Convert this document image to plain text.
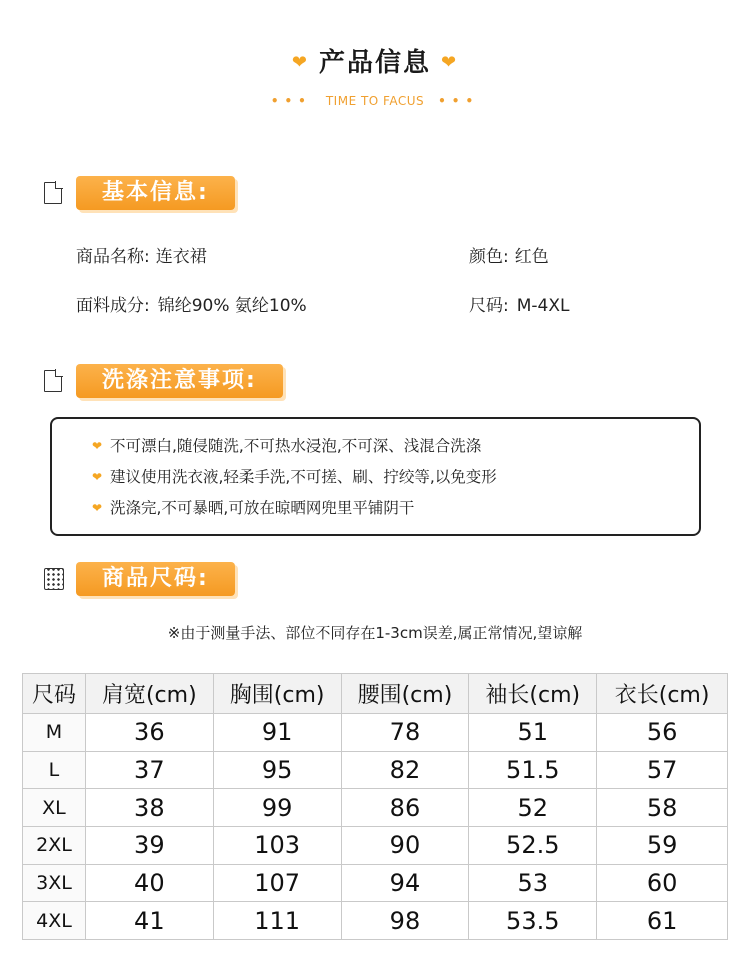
❤ 产品信息 ❤
••• TIME TO FACUS •••
基本信息:
商品名称: 连衣裙	颜色: 红色
面料成分: 锦纶90% 氨纶10%	尺码: M-4XL
洗涤注意事项:
❤ 不可漂白,随侵随洗,不可热水浸泡,不可深、浅混合洗涤
❤ 建议使用洗衣液,轻柔手洗,不可搓、刷、拧绞等,以免变形
❤ 洗涤完,不可暴晒,可放在晾晒网兜里平铺阴干
商品尺码:
※由于测量手法、部位不同存在1-3cm误差,属正常情况,望谅解
尺码	肩宽(cm)	胸围(cm)	腰围(cm)	袖长(cm)	衣长(cm)
M	36	91	78	51	56
L	37	95	82	51.5	57
XL	38	99	86	52	58
2XL	39	103	90	52.5	59
3XL	40	107	94	53	60
4XL	41	111	98	53.5	61
